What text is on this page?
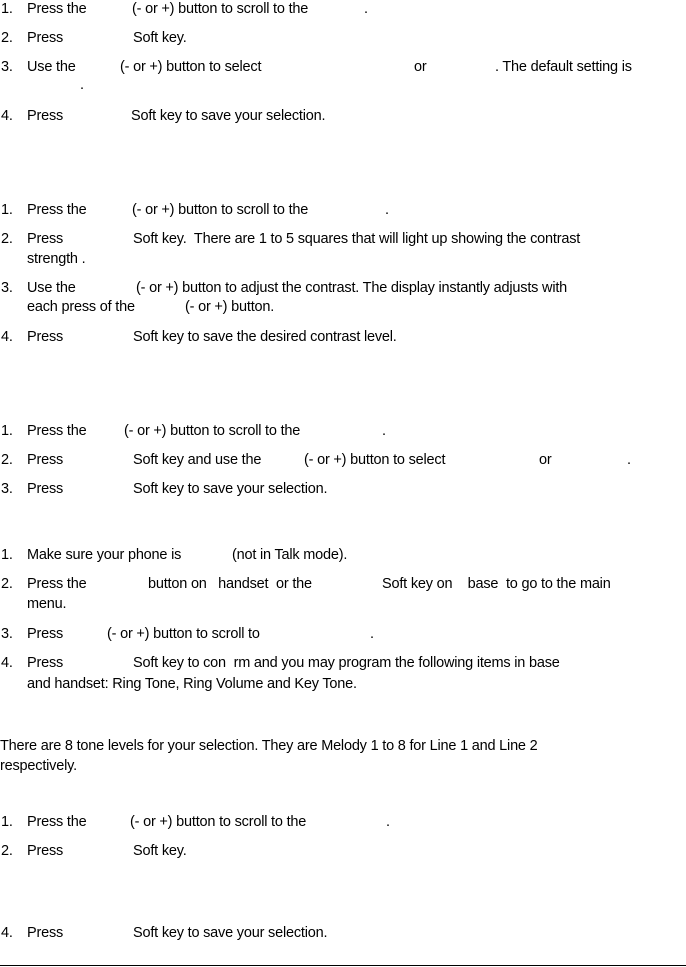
1. Press the	(- or +) button to scroll to the	.
2. Press	Soft key.
3. Use the	(- or +) button to select	or	. The default setting is
.
4. Press	Soft key to save your selection.
1. Press the	(- or +) button to scroll to the	.
2. Press	Soft key.  There are 1 to 5 squares that will light up showing the contrast
strength .
3. Use the	(- or +) button to adjust the contrast. The display instantly adjusts with
each press of the	(- or +) button.
4. Press	Soft key to save the desired contrast level.
1. Press the	(- or +) button to scroll to the	.
2. Press	Soft key and use the	(- or +) button to select	or	.
3. Press	Soft key to save your selection.
1. Make sure your phone is	(not in Talk mode).
2. Press the	button on   handset  or the	Soft key on    base  to go to the main
menu.
3. Press	(- or +) button to scroll to	.
4. Press	Soft key to con  rm and you may program the following items in base
and handset: Ring Tone, Ring Volume and Key Tone.
There are 8 tone levels for your selection. They are Melody 1 to 8 for Line 1 and Line 2
respectively.
1. Press the	(- or +) button to scroll to the	.
2. Press	Soft key.
4. Press	Soft key to save your selection.
